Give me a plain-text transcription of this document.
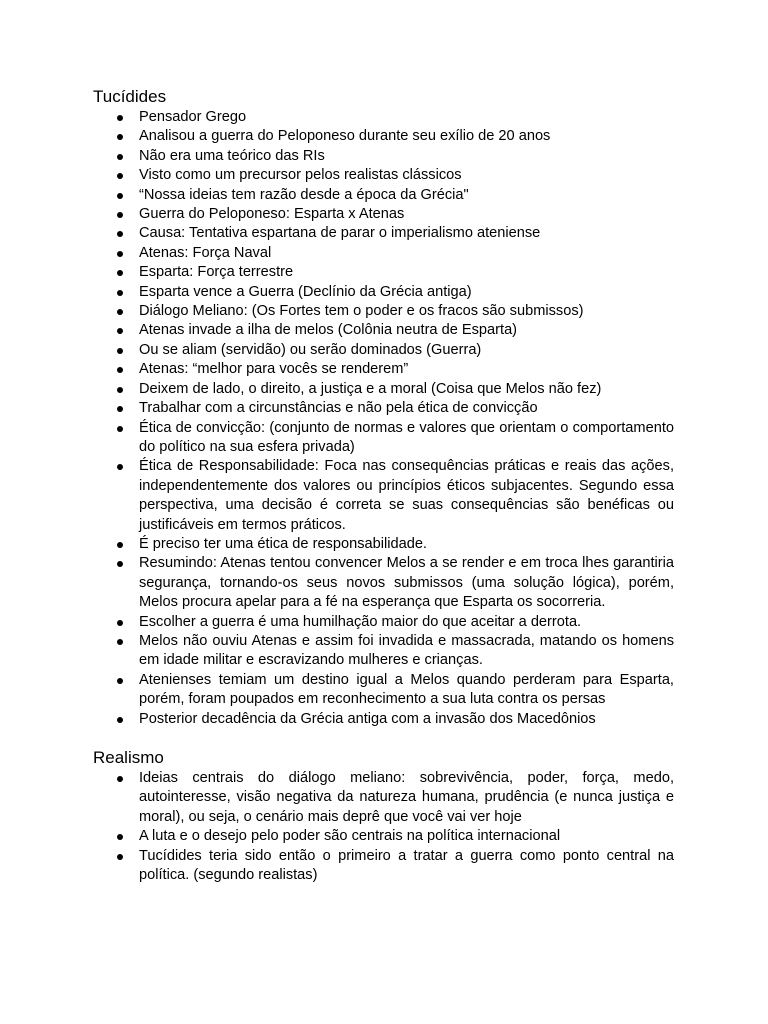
Tucídides
Pensador Grego
Analisou a guerra do Peloponeso durante seu exílio de 20 anos
Não era uma teórico das RIs
Visto como um precursor pelos realistas clássicos
“Nossa ideias tem razão desde a época da Grécia"
Guerra do Peloponeso: Esparta x Atenas
Causa: Tentativa espartana de parar o imperialismo ateniense
Atenas: Força Naval
Esparta: Força terrestre
Esparta vence a Guerra (Declínio da Grécia antiga)
Diálogo Meliano: (Os Fortes tem o poder e os fracos são submissos)
Atenas invade a ilha de melos (Colônia neutra de Esparta)
Ou se aliam (servidão) ou serão dominados (Guerra)
Atenas: “melhor para vocês se renderem”
Deixem de lado, o direito, a justiça e a moral (Coisa que Melos não fez)
Trabalhar com a circunstâncias e não pela ética de convicção
Ética de convicção: (conjunto de normas e valores que orientam o comportamento do político na sua esfera privada)
Ética de Responsabilidade: Foca nas consequências práticas e reais das ações, independentemente dos valores ou princípios éticos subjacentes. Segundo essa perspectiva, uma decisão é correta se suas consequências são benéficas ou justificáveis em termos práticos.
É preciso ter uma ética de responsabilidade.
Resumindo: Atenas tentou convencer Melos a se render e em troca lhes garantiria segurança, tornando-os seus novos submissos (uma solução lógica), porém, Melos procura apelar para a fé na esperança que Esparta os socorreria.
Escolher a guerra é uma humilhação maior do que aceitar a derrota.
Melos não ouviu Atenas e assim foi invadida e massacrada, matando os homens em idade militar e escravizando mulheres e crianças.
Atenienses temiam um destino igual a Melos quando perderam para Esparta, porém, foram poupados em reconhecimento a sua luta contra os persas
Posterior decadência da Grécia antiga com a invasão dos Macedônios
Realismo
Ideias centrais do diálogo meliano: sobrevivência, poder, força, medo, autointeresse, visão negativa da natureza humana, prudência (e nunca justiça e moral), ou seja, o cenário mais deprê que você vai ver hoje
A luta e o desejo pelo poder são centrais na política internacional
Tucídides teria sido então o primeiro a tratar a guerra como ponto central na política. (segundo realistas)
